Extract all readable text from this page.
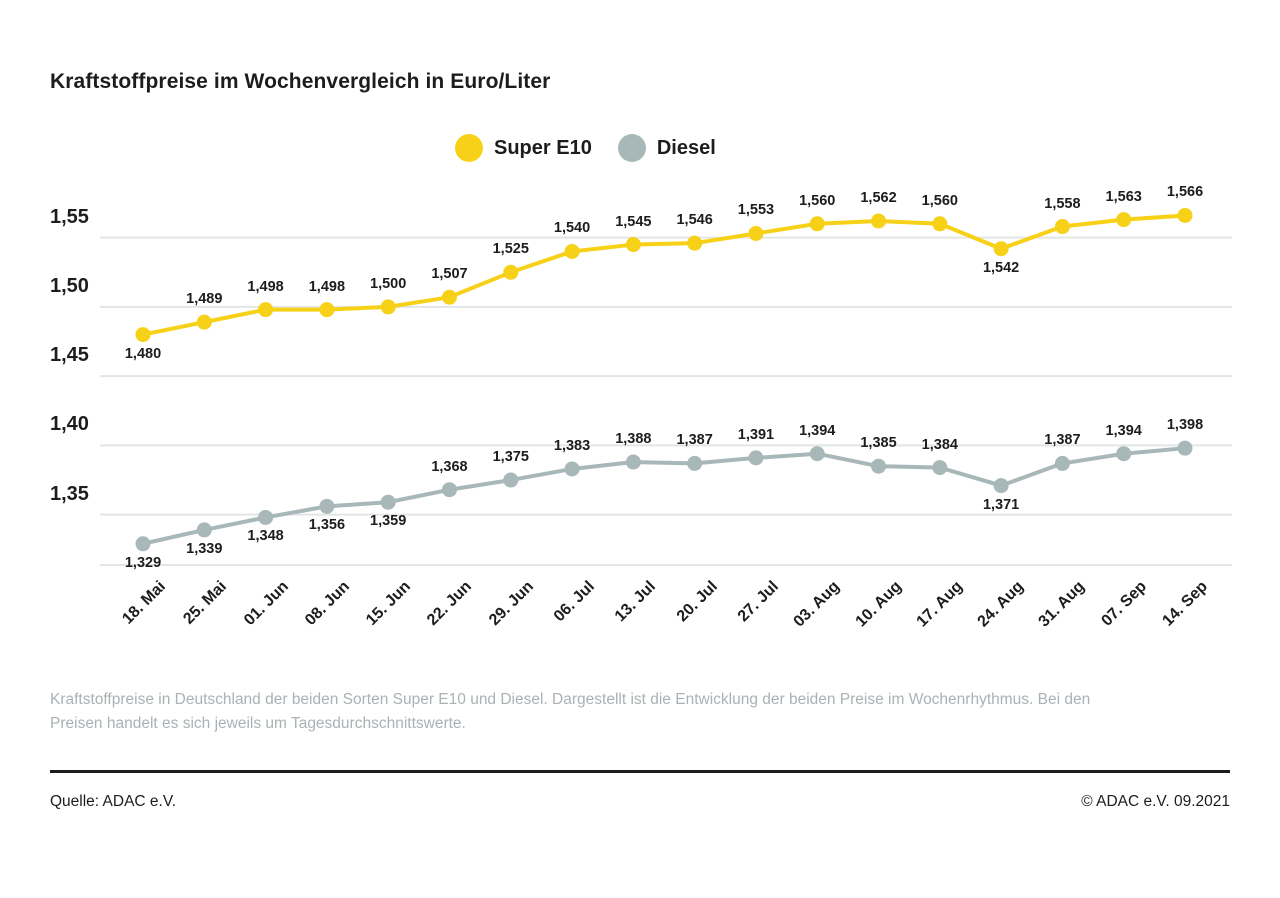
Kraftstoffpreise im Wochenvergleich in Euro/Liter
Super E10	Diesel
1,55
1,50
1,45
1,40
1,35
1,480
1,489
1,498 1,498 1,500
1,507
1,525
1,540 1,545 1,546
1,553
1,560 1,562 1,560
1,542
1,558 1,563 1,566
1,329
1,339
1,348
1,356 1,359
1,368
1,375
1,383 1,388 1,387 1,391 1,394
1,385 1,384
1,371
1,387
1,394 1,398
18. Mai 25. Mai 01. Jun 08. Jun 15. Jun 22. Jun 29. Jun 06. Jul 13. Jul 20. Jul 27. Jul 03. Aug 10. Aug 17. Aug 24. Aug 31. Aug 07. Sep 14. Sep
Kraftstoffpreise in Deutschland der beiden Sorten Super E10 und Diesel. Dargestellt ist die Entwicklung der beiden Preise im Wochenrhythmus. Bei den Preisen handelt es sich jeweils um Tagesdurchschnittswerte.
Quelle: ADAC e.V.	© ADAC e.V. 09.2021
